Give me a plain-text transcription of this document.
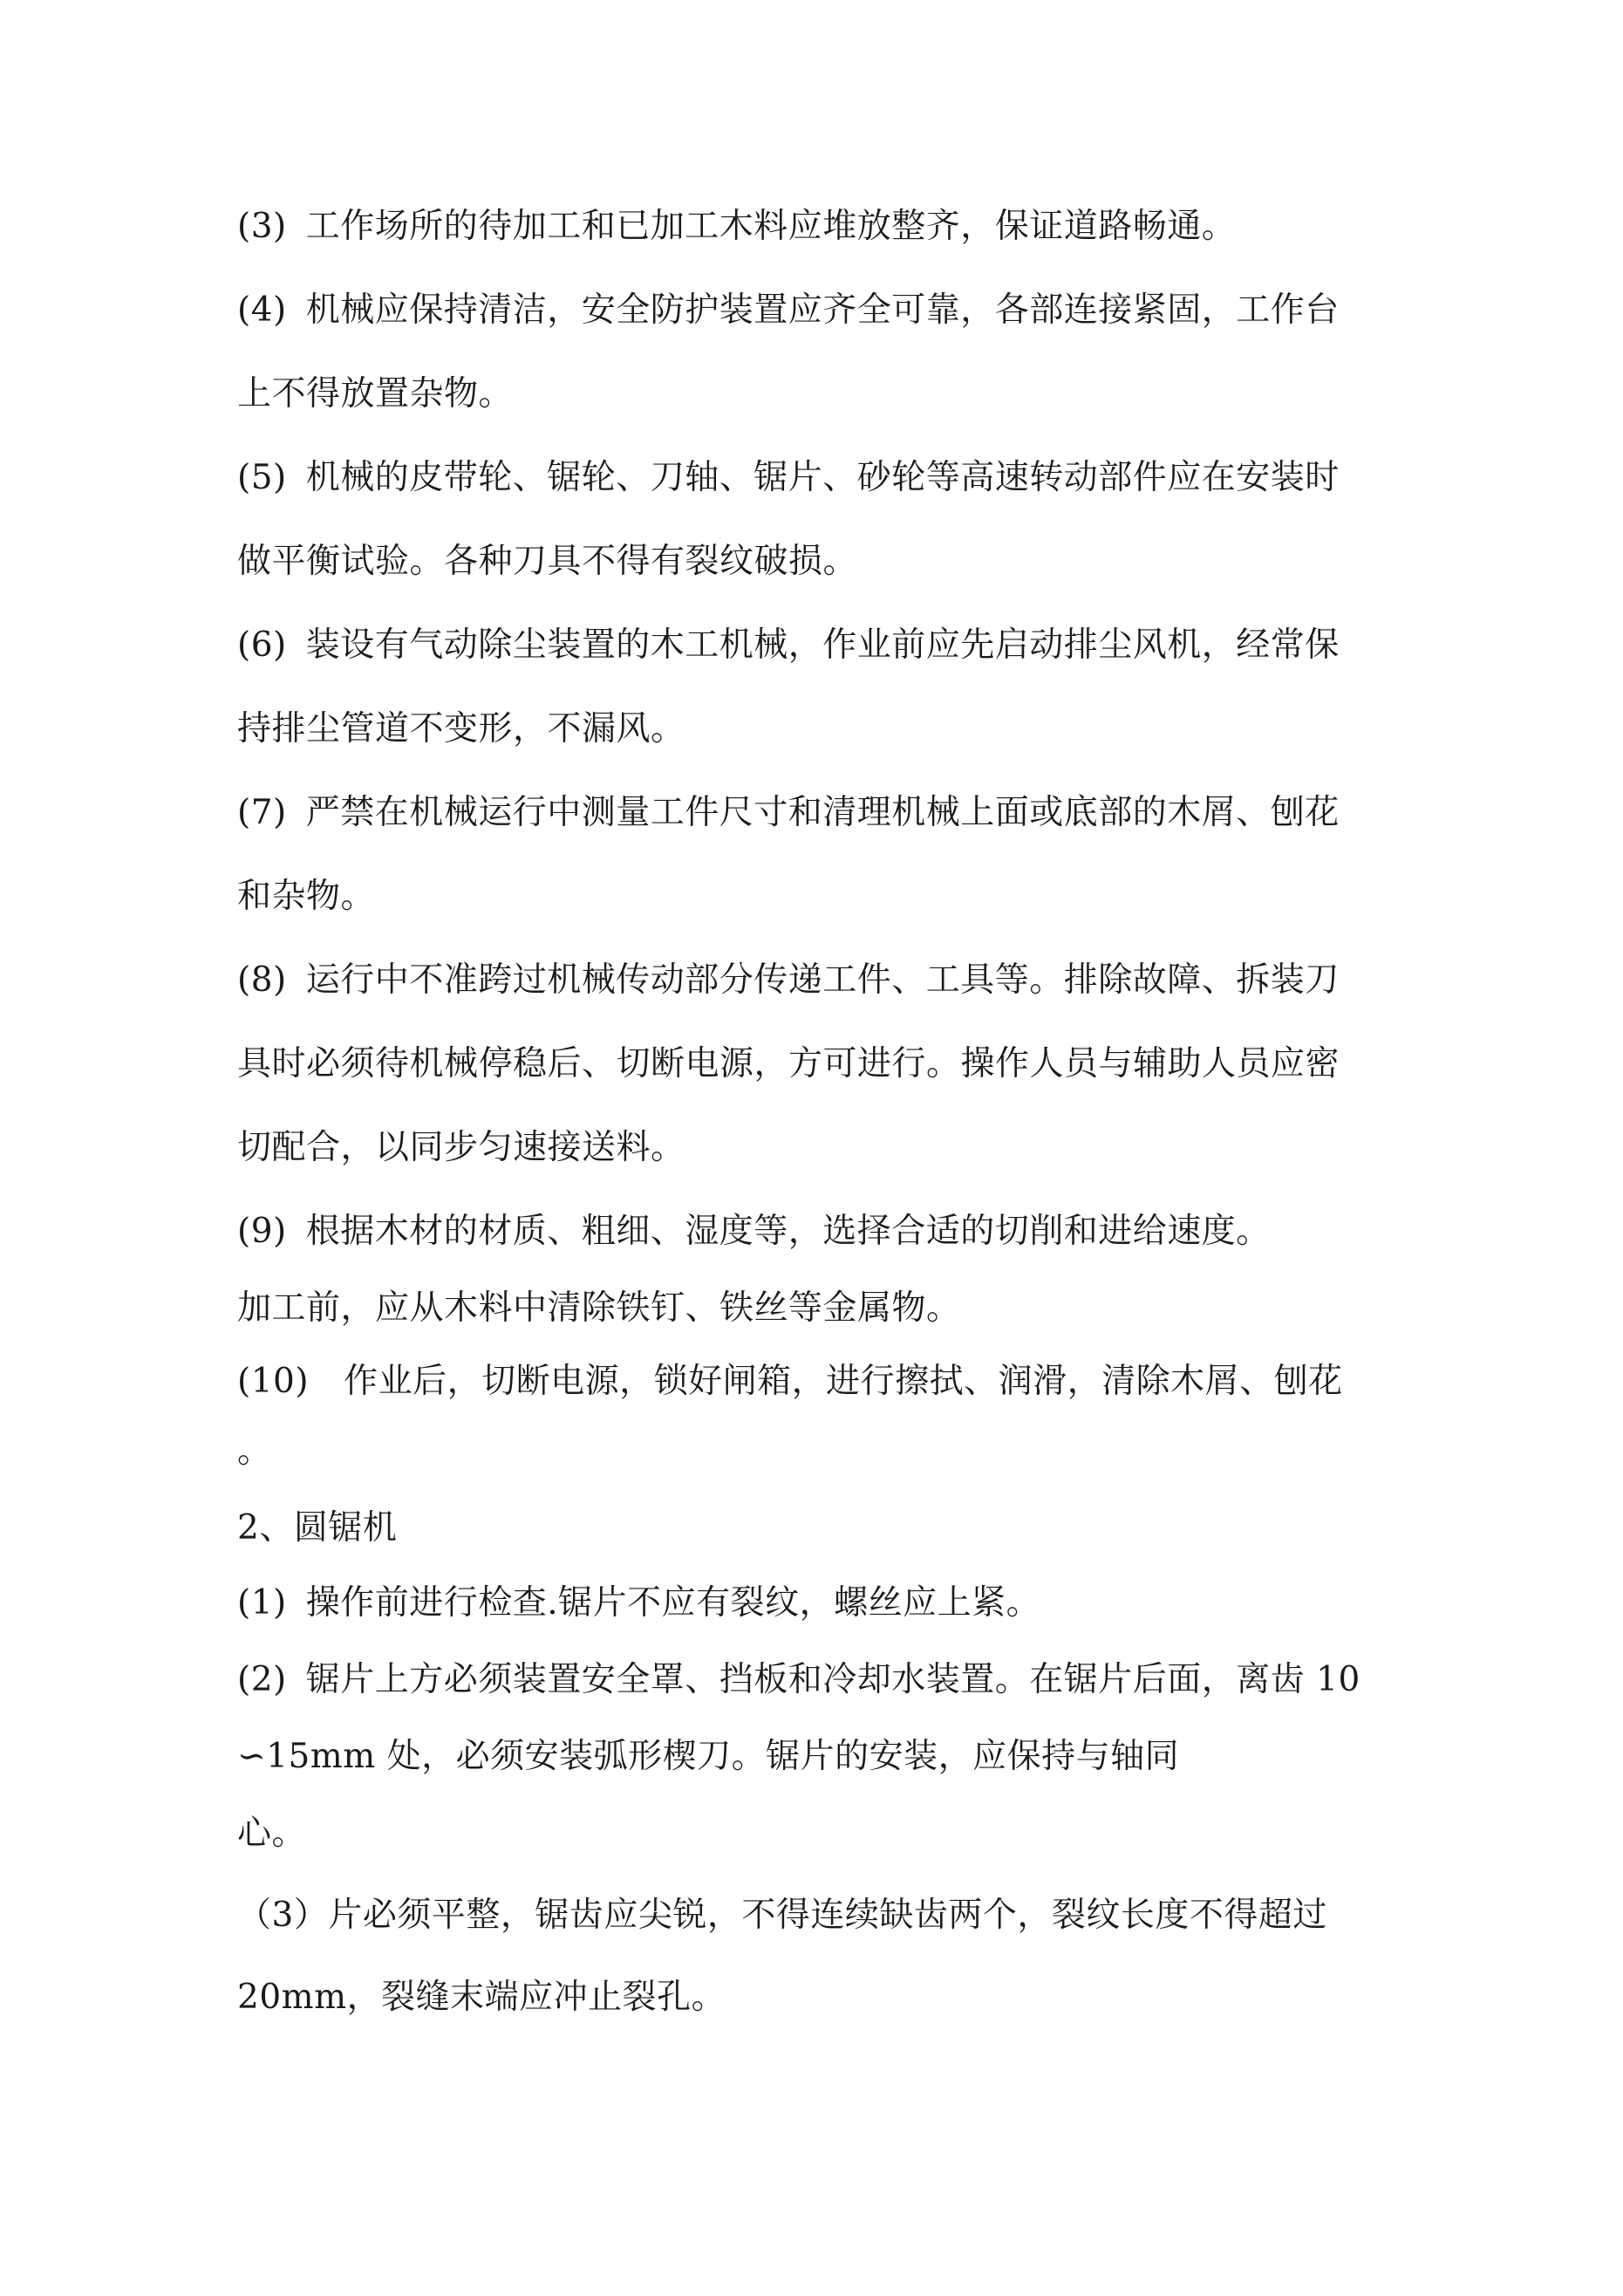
(3) 工作场所的待加工和已加工木料应堆放整齐，保证道路畅通。
(4) 机械应保持清洁，安全防护装置应齐全可靠，各部连接紧固，工作台
上不得放置杂物。
(5) 机械的皮带轮、锯轮、刀轴、锯片、砂轮等高速转动部件应在安装时
做平衡试验。各种刀具不得有裂纹破损。
(6) 装设有气动除尘装置的木工机械，作业前应先启动排尘风机，经常保
持排尘管道不变形，不漏风。
(7) 严禁在机械运行中测量工件尺寸和清理机械上面或底部的木屑、刨花
和杂物。
(8) 运行中不准跨过机械传动部分传递工件、工具等。排除故障、拆装刀
具时必须待机械停稳后、切断电源，方可进行。操作人员与辅助人员应密
切配合，以同步匀速接送料。
(9) 根据木材的材质、粗细、湿度等，选择合适的切削和进给速度。
加工前，应从木料中清除铁钉、铁丝等金属物。
(10) 作业后，切断电源，锁好闸箱，进行擦拭、润滑，清除木屑、刨花
。
2、圆锯机
(1) 操作前进行检查.锯片不应有裂纹，螺丝应上紧。
(2) 锯片上方必须装置安全罩、挡板和冷却水装置。在锯片后面，离齿 10
∽15mm 处，必须安装弧形楔刀。锯片的安装，应保持与轴同
心。
（3）片必须平整，锯齿应尖锐，不得连续缺齿两个，裂纹长度不得超过
20mm，裂缝末端应冲止裂孔。
